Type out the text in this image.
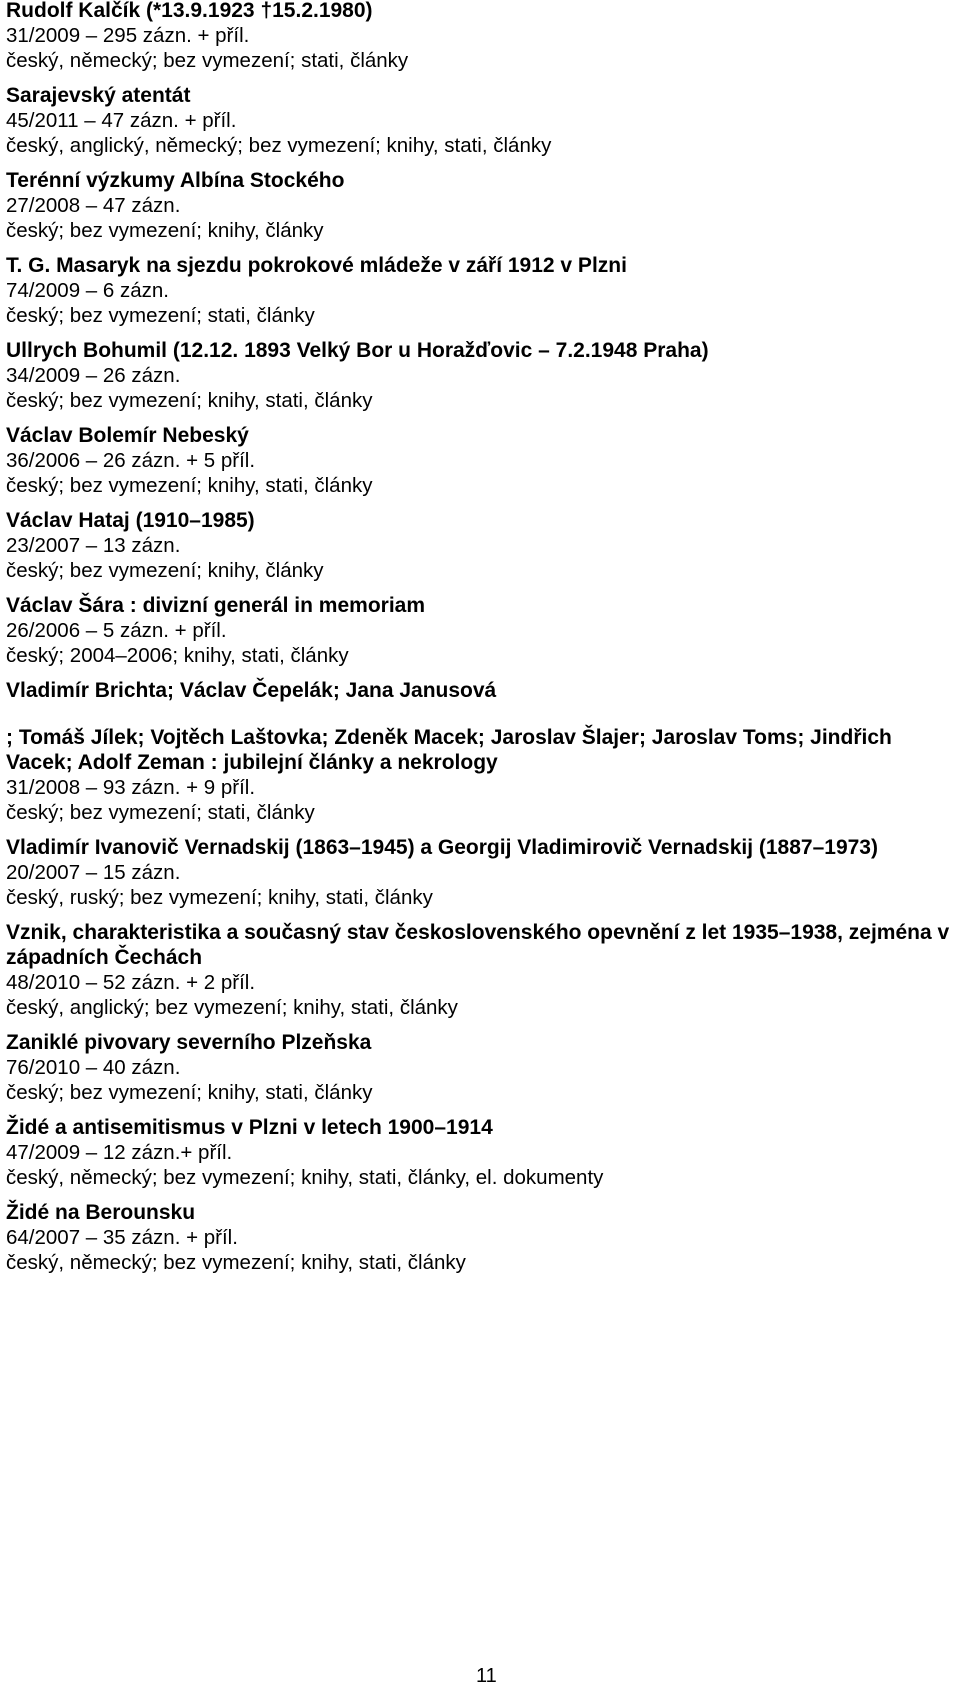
Rudolf Kalčík (*13.9.1923 †15.2.1980)

31/2009 – 295 zázn. + příl.

český, německý; bez vymezení; stati, články

Sarajevský atentát

45/2011 – 47 zázn. + příl.

český, anglický, německý; bez vymezení; knihy, stati, články

Terénní výzkumy Albína Stockého

27/2008 – 47 zázn.

český; bez vymezení; knihy, články

T. G. Masaryk na sjezdu pokrokové mládeže v září 1912 v Plzni

74/2009 – 6 zázn.

český; bez vymezení; stati, články

Ullrych Bohumil (12.12. 1893 Velký Bor u Horažďovic – 7.2.1948 Praha)

34/2009 – 26 zázn.

český; bez vymezení; knihy, stati, články

Václav Bolemír Nebeský

36/2006 – 26 zázn. + 5 příl.

český; bez vymezení; knihy, stati, články

Václav Hataj (1910–1985)

23/2007 – 13 zázn.

český; bez vymezení; knihy, články

Václav Šára : divizní generál in memoriam

26/2006 – 5 zázn. + příl.

český; 2004–2006; knihy, stati, články

Vladimír Brichta; Václav Čepelák; Jana Janusová

; Tomáš Jílek; Vojtěch Laštovka; Zdeněk Macek; Jaroslav Šlajer; Jaroslav Toms; Jindřich Vacek; Adolf Zeman : jubilejní články a nekrology

31/2008 – 93 zázn. + 9 příl.

český; bez vymezení; stati, články

Vladimír Ivanovič Vernadskij (1863–1945) a Georgij Vladimirovič Vernadskij (1887–1973)

20/2007 – 15 zázn.

český, ruský; bez vymezení; knihy, stati, články

Vznik, charakteristika a současný stav československého opevnění z let 1935–1938, zejména v západních Čechách

48/2010 – 52 zázn. + 2 příl.

český, anglický; bez vymezení; knihy, stati, články

Zaniklé pivovary severního Plzeňska

76/2010 – 40 zázn.

český; bez vymezení; knihy, stati, články

Židé a antisemitismus v Plzni v letech 1900–1914

47/2009 – 12 zázn.+ příl.

český, německý; bez vymezení; knihy, stati, články, el. dokumenty

Židé na Berounsku

64/2007 – 35 zázn. + příl.

český, německý; bez vymezení; knihy, stati, články

11
